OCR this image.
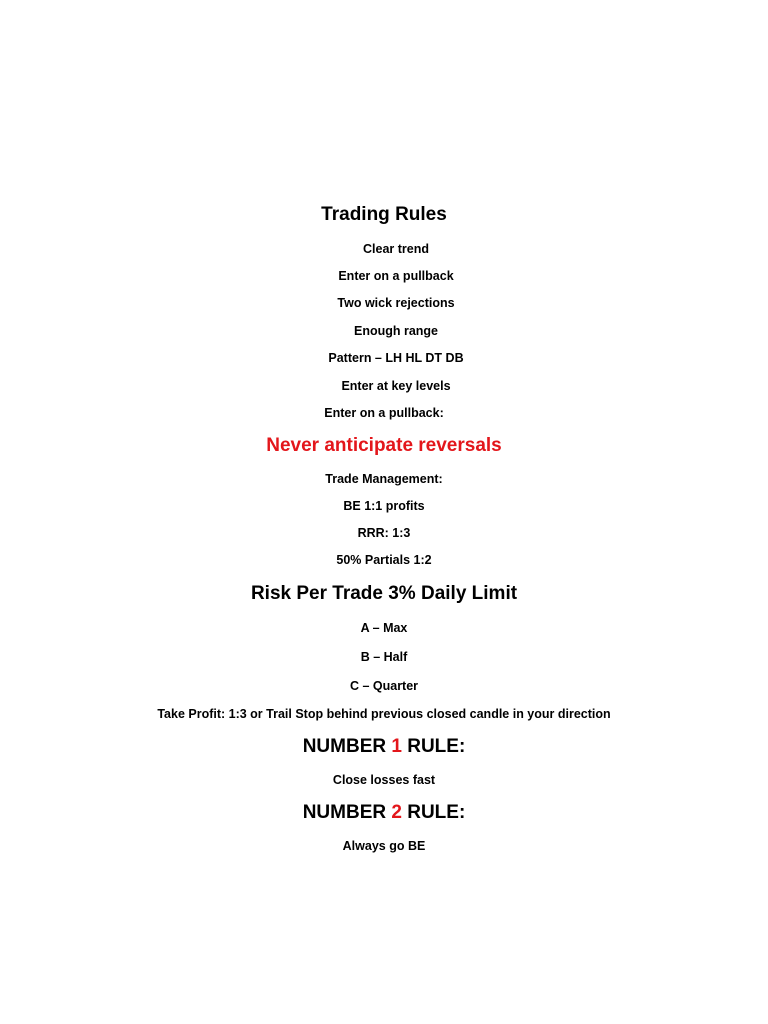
Trading Rules
Clear trend
Enter on a pullback
Two wick rejections
Enough range
Pattern – LH HL DT DB
Enter at key levels
Enter on a pullback:
Never anticipate reversals
Trade Management:
BE 1:1 profits
RRR: 1:3
50% Partials 1:2
Risk Per Trade 3% Daily Limit
A – Max
B – Half
C – Quarter
Take Profit: 1:3 or Trail Stop behind previous closed candle in your direction
NUMBER 1 RULE:
Close losses fast
NUMBER 2 RULE:
Always go BE
